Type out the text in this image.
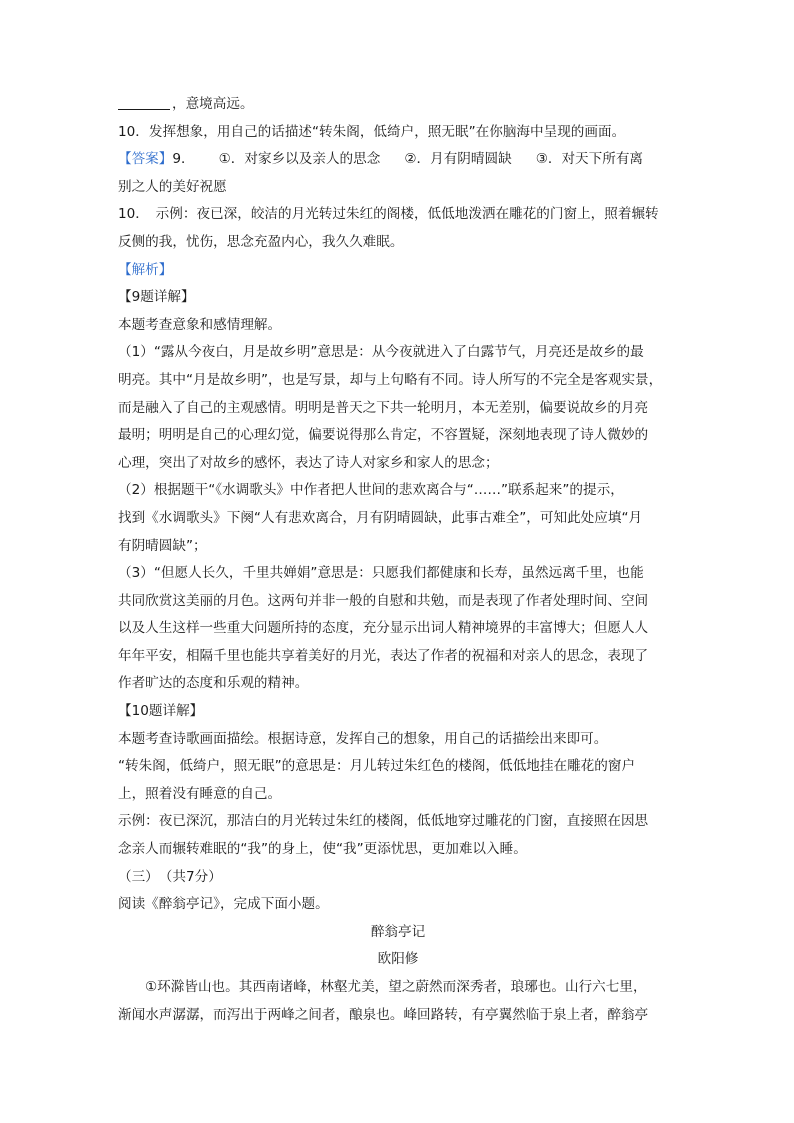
，意境高远。
10．发挥想象，用自己的话描述“转朱阁，低绮户，照无眠”在你脑海中呈现的画面。
【答案】9． ①．对家乡以及亲人的思念 ②．月有阴晴圆缺 ③．对天下所有离
别之人的美好祝愿
10．　示例：夜已深，皎洁的月光转过朱红的阁楼，低低地泼洒在雕花的门窗上，照着辗转
反侧的我，忧伤，思念充盈内心，我久久难眠。
【解析】
【9题详解】
本题考查意象和感情理解。
（1）“露从今夜白，月是故乡明”意思是：从今夜就进入了白露节气，月亮还是故乡的最
明亮。其中“月是故乡明”，也是写景，却与上句略有不同。诗人所写的不完全是客观实景，
而是融入了自己的主观感情。明明是普天之下共一轮明月，本无差别，偏要说故乡的月亮
最明；明明是自己的心理幻觉，偏要说得那么肯定，不容置疑，深刻地表现了诗人微妙的
心理，突出了对故乡的感怀，表达了诗人对家乡和家人的思念；
（2）根据题干“《水调歌头》中作者把人世间的悲欢离合与“……”联系起来”的提示，
找到《水调歌头》下阕“人有悲欢离合，月有阴晴圆缺，此事古难全”，可知此处应填“月
有阴晴圆缺”；
（3）“但愿人长久，千里共婵娟”意思是：只愿我们都健康和长寿，虽然远离千里，也能
共同欣赏这美丽的月色。这两句并非一般的自慰和共勉，而是表现了作者处理时间、空间
以及人生这样一些重大问题所持的态度，充分显示出词人精神境界的丰富博大；但愿人人
年年平安，相隔千里也能共享着美好的月光，表达了作者的祝福和对亲人的思念，表现了
作者旷达的态度和乐观的精神。
【10题详解】
本题考查诗歌画面描绘。根据诗意，发挥自己的想象，用自己的话描绘出来即可。
“转朱阁，低绮户，照无眠”的意思是：月儿转过朱红色的楼阁，低低地挂在雕花的窗户
上，照着没有睡意的自己。
示例：夜已深沉，那洁白的月光转过朱红的楼阁，低低地穿过雕花的门窗，直接照在因思
念亲人而辗转难眠的“我”的身上，使“我”更添忧思，更加难以入睡。
（三）　（共7分）
阅读《醉翁亭记》，完成下面小题。
醉翁亭记
欧阳修
①环滁皆山也。其西南诸峰，林壑尤美，望之蔚然而深秀者，琅琊也。山行六七里，
渐闻水声潺潺，而泻出于两峰之间者，酿泉也。峰回路转，有亭翼然临于泉上者，醉翁亭
